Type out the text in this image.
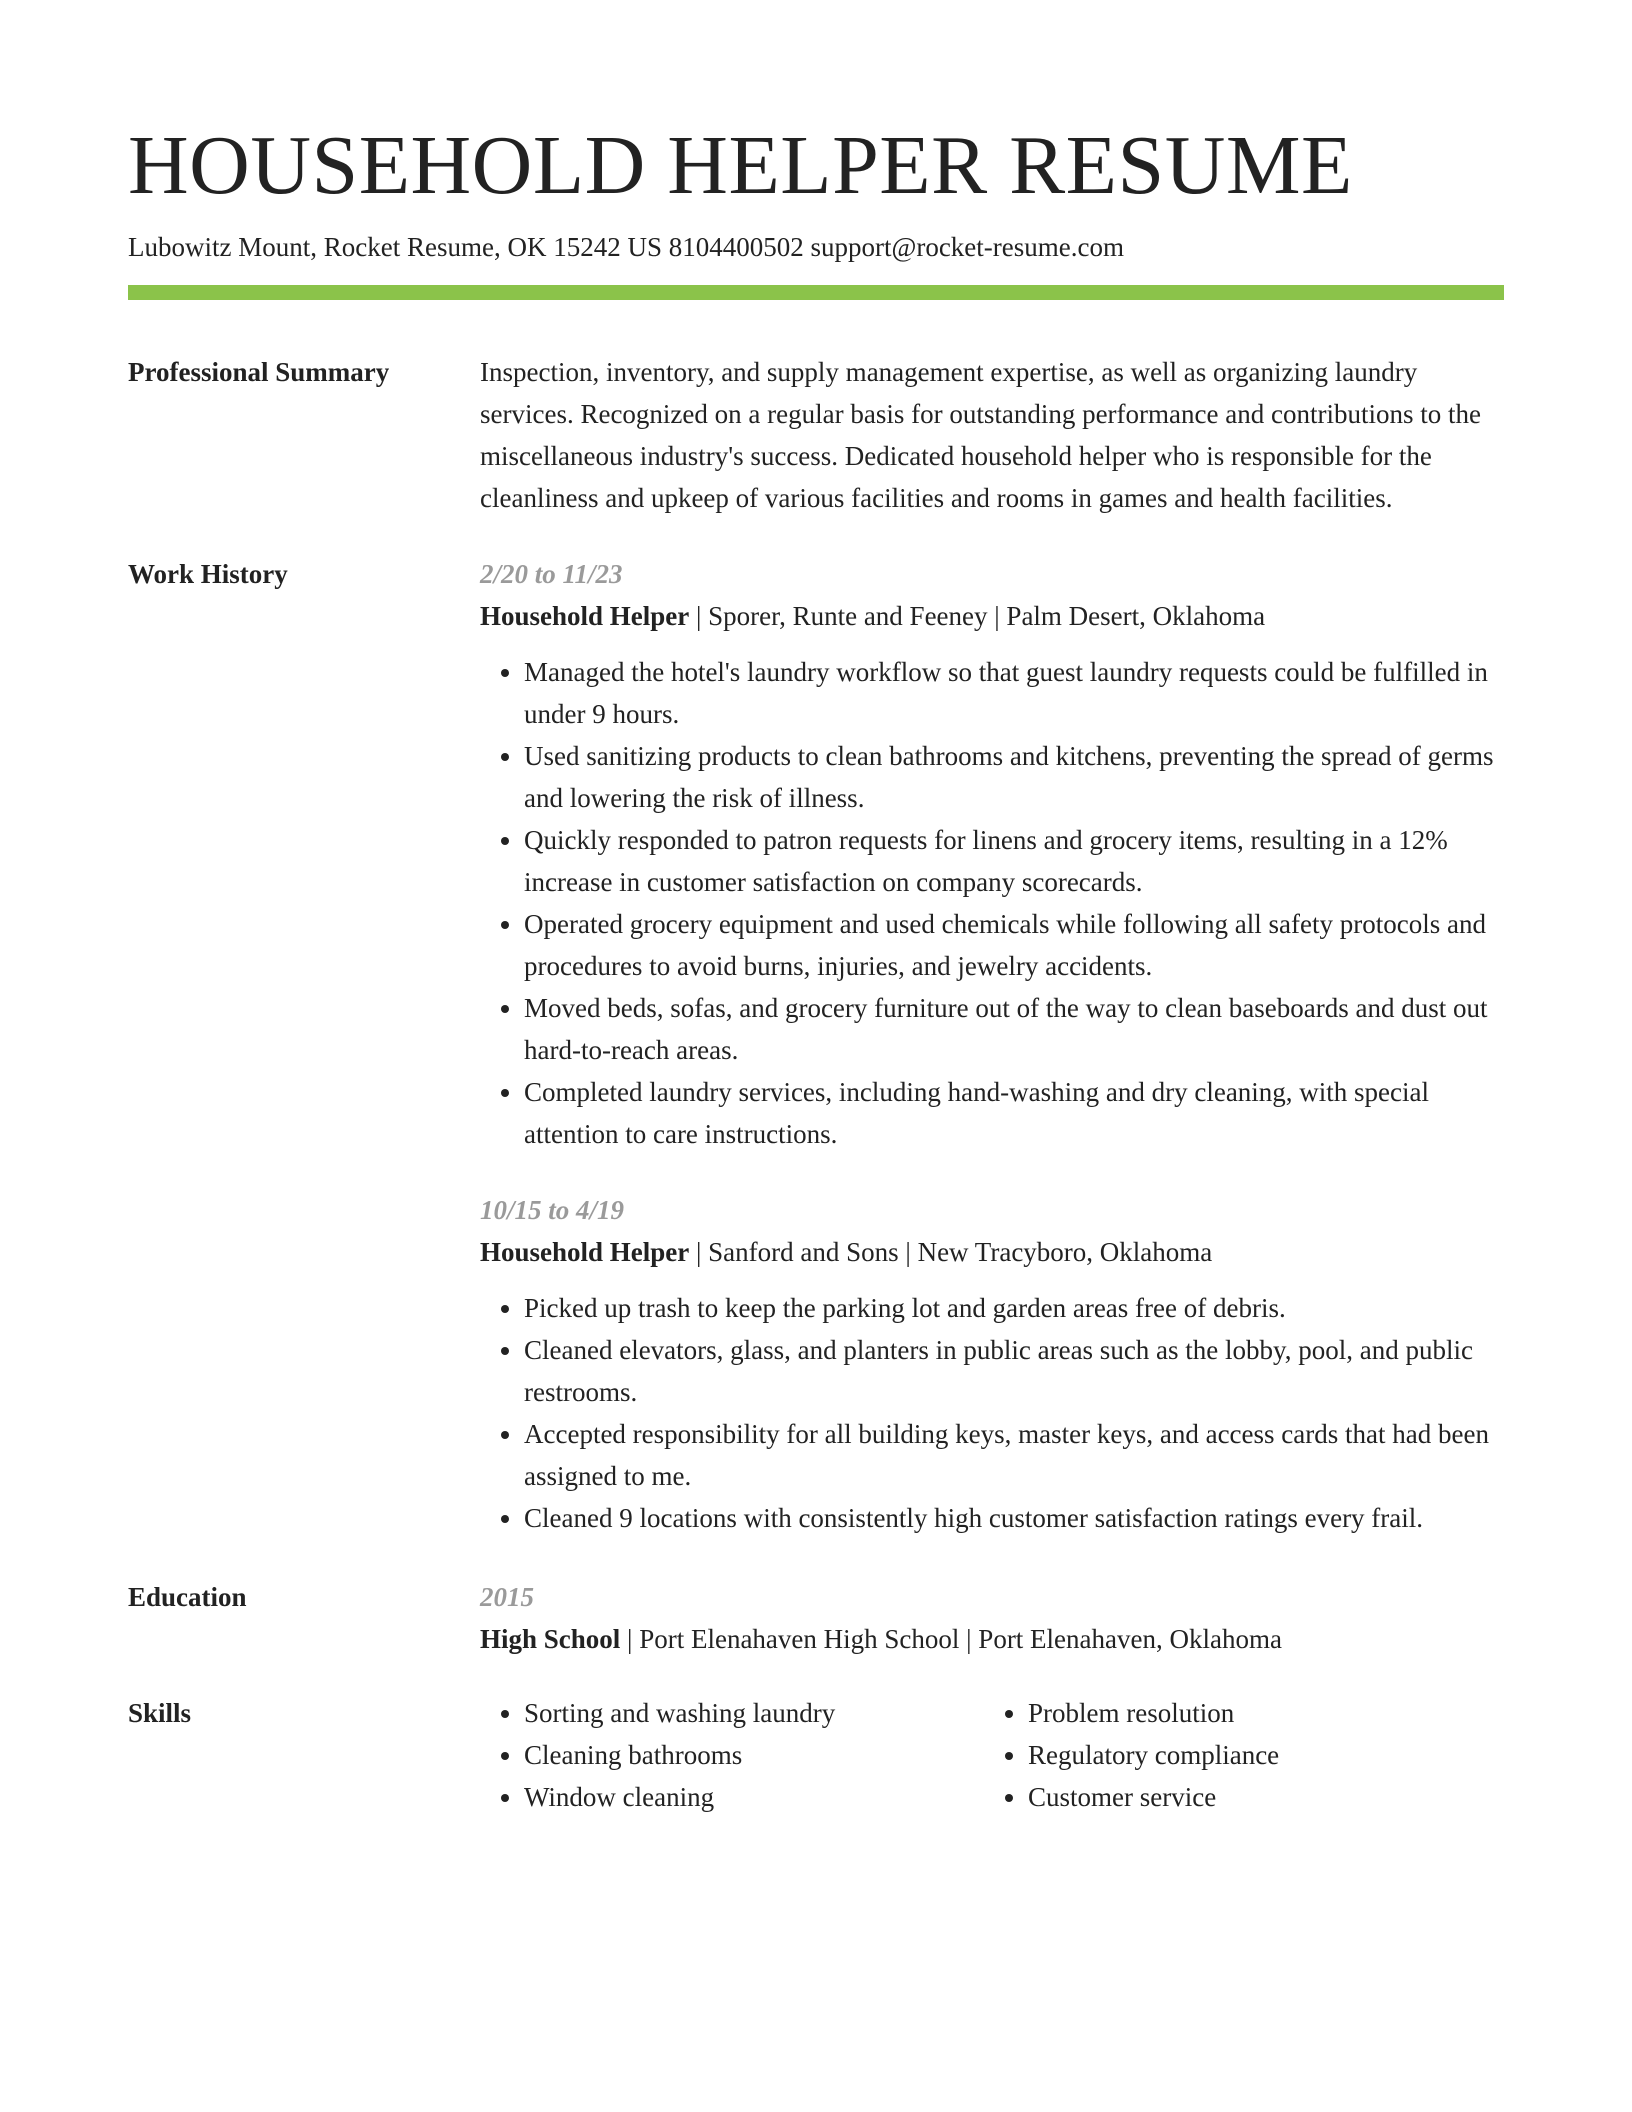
HOUSEHOLD HELPER RESUME
Lubowitz Mount, Rocket Resume, OK 15242 US 8104400502 support@rocket-resume.com
Professional Summary	Inspection, inventory, and supply management expertise, as well as organizing laundry services. Recognized on a regular basis for outstanding performance and contributions to the miscellaneous industry's success. Dedicated household helper who is responsible for the cleanliness and upkeep of various facilities and rooms in games and health facilities.
Work History	2/20 to 11/23
Household Helper | Sporer, Runte and Feeney | Palm Desert, Oklahoma
• Managed the hotel's laundry workflow so that guest laundry requests could be fulfilled in under 9 hours.
• Used sanitizing products to clean bathrooms and kitchens, preventing the spread of germs and lowering the risk of illness.
• Quickly responded to patron requests for linens and grocery items, resulting in a 12% increase in customer satisfaction on company scorecards.
• Operated grocery equipment and used chemicals while following all safety protocols and procedures to avoid burns, injuries, and jewelry accidents.
• Moved beds, sofas, and grocery furniture out of the way to clean baseboards and dust out hard-to-reach areas.
• Completed laundry services, including hand-washing and dry cleaning, with special attention to care instructions.
10/15 to 4/19
Household Helper | Sanford and Sons | New Tracyboro, Oklahoma
• Picked up trash to keep the parking lot and garden areas free of debris.
• Cleaned elevators, glass, and planters in public areas such as the lobby, pool, and public restrooms.
• Accepted responsibility for all building keys, master keys, and access cards that had been assigned to me.
• Cleaned 9 locations with consistently high customer satisfaction ratings every frail.
Education	2015
High School | Port Elenahaven High School | Port Elenahaven, Oklahoma
Skills
•	Sorting and washing laundry
• Cleaning bathrooms
• Window cleaning
• Problem resolution
• Regulatory compliance
• Customer service
